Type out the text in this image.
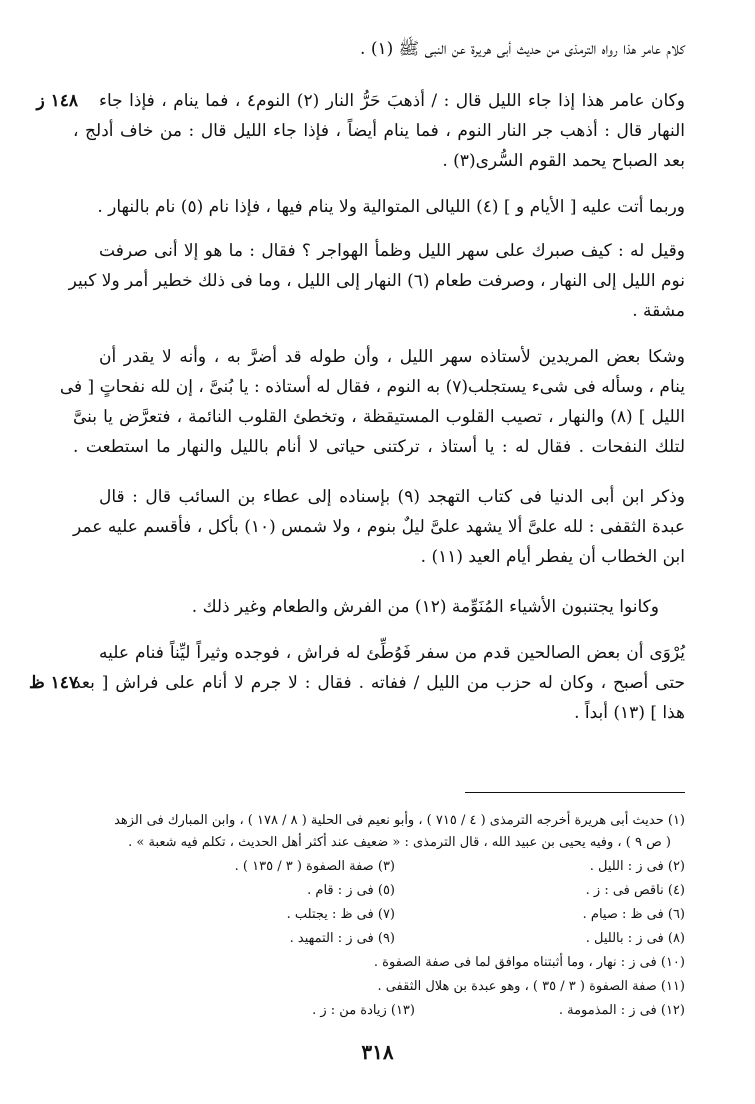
كلام عامر هذا رواه الترمذى من حديث أبى هريرة عن النبى ﷺ (١) .
١٤٨ ز وكان عامر هذا إذا جاء الليل قال : / أذهبَ حَرُّ النار (٢) النوم٤ ، فما ينام ، فإذا جاء
النهار قال : أذهب جر النار النوم ، فما ينام أيضاً ، فإذا جاء الليل قال : من خاف أدلج ،
بعد الصباح يحمد القوم السُّرى(٣) .
وربما أتت عليه [ الأيام و ] (٤) الليالى المتوالية ولا ينام فيها ، فإذا نام (٥) نام بالنهار .
وقيل له : كيف صبرك على سهر الليل وظمأ الهواجر ؟ فقال : ما هو إلا أنى صرفت
نوم الليل إلى النهار ، وصرفت طعام (٦) النهار إلى الليل ، وما فى ذلك خطير أمر ولا كبير
مشقة .
وشكا بعض المريدين لأستاذه سهر الليل ، وأن طوله قد أضرَّ به ، وأنه لا يقدر أن
ينام ، وسأله فى شىء يستجلب(٧) به النوم ، فقال له أستاذه : يا بُنىَّ ، إن لله نفحاتٍ [ فى
الليل ] (٨) والنهار ، تصيب القلوب المستيقظة ، وتخطئ القلوب النائمة ، فتعرَّض يا بنىَّ
لتلك النفحات . فقال له : يا أستاذ ، تركتنى حياتى لا أنام بالليل والنهار ما استطعت .
وذكر ابن أبى الدنيا فى كتاب التهجد (٩) بإسناده إلى عطاء بن السائب قال : قال
عبدة الثقفى : لله علىَّ ألا يشهد علىَّ ليلٌ بنوم ، ولا شمس (١٠) بأكل ، فأقسم عليه عمر
ابن الخطاب أن يفطر أيام العيد (١١) .
وكانوا يجتنبون الأشياء المُنَوِّمة (١٢) من الفرش والطعام وغير ذلك .
يُرْوَى أن بعض الصالحين قدم من سفر فَوُطِّئ له فراش ، فوجده وثيراً ليِّناً فنام عليه
١٤٧ ظ
حتى أصبح ، وكان له حزب من الليل / ففاته . فقال : لا جرم لا أنام على فراش [ بعد
هذا ] (١٣) أبداً .
(١) حديث أبى هريرة أخرجه الترمذى ( ٤ / ٧١٥ ) ، وأبو نعيم فى الحلية ( ٨ / ١٧٨ ) ، وابن المبارك فى الزهد
( ص ٩ ) ، وفيه يحيى بن عبيد الله ، قال الترمذى : « ضعيف عند أكثر أهل الحديث ، تكلم فيه شعبة » .
(٢) فى ز : الليل .
(٣) صفة الصفوة ( ٣ / ١٣٥ ) .
(٤) ناقص فى : ز .
(٥) فى ز : قام .
(٦) فى ظ : صيام .
(٧) فى ظ : يجتلب .
(٨) فى ز : بالليل .
(٩) فى ز : التمهيد .
(١٠) فى ز : نهار ، وما أثبتناه موافق لما فى صفة الصفوة .
(١١) صفة الصفوة ( ٣ / ٣٥ ) ، وهو عبدة بن هلال الثقفى .
(١٢) فى ز : المذمومة .
(١٣) زيادة من : ز .
٣١٨
